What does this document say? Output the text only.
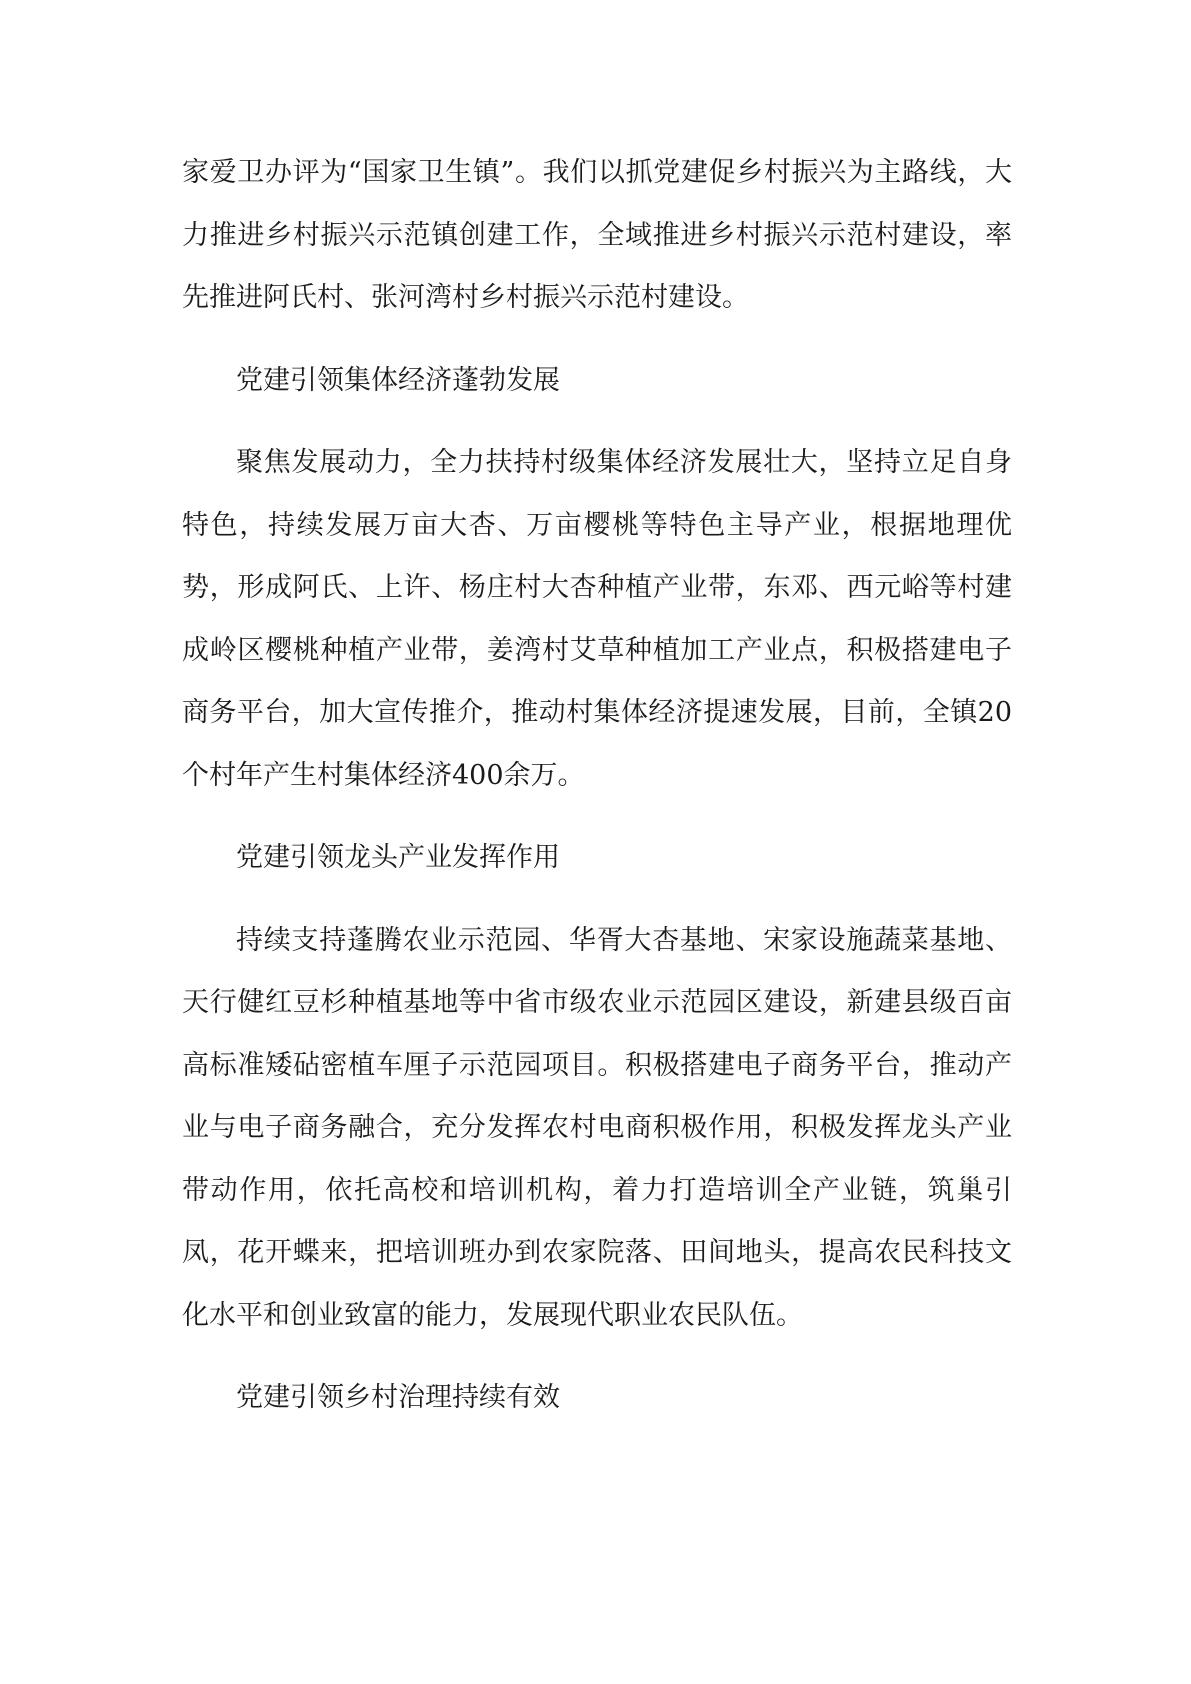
家爱卫办评为“国家卫生镇”。我们以抓党建促乡村振兴为主路线，大力推进乡村振兴示范镇创建工作，全域推进乡村振兴示范村建设，率先推进阿氏村、张河湾村乡村振兴示范村建设。

党建引领集体经济蓬勃发展

聚焦发展动力，全力扶持村级集体经济发展壮大，坚持立足自身特色，持续发展万亩大杏、万亩樱桃等特色主导产业，根据地理优势，形成阿氏、上许、杨庄村大杏种植产业带，东邓、西元峪等村建成岭区樱桃种植产业带，姜湾村艾草种植加工产业点，积极搭建电子商务平台，加大宣传推介，推动村集体经济提速发展，目前，全镇20个村年产生村集体经济400余万。

党建引领龙头产业发挥作用

持续支持蓬腾农业示范园、华胥大杏基地、宋家设施蔬菜基地、天行健红豆杉种植基地等中省市级农业示范园区建设，新建县级百亩高标准矮砧密植车厘子示范园项目。积极搭建电子商务平台，推动产业与电子商务融合，充分发挥农村电商积极作用，积极发挥龙头产业带动作用，依托高校和培训机构，着力打造培训全产业链，筑巢引凤，花开蝶来，把培训班办到农家院落、田间地头，提高农民科技文化水平和创业致富的能力，发展现代职业农民队伍。

党建引领乡村治理持续有效
